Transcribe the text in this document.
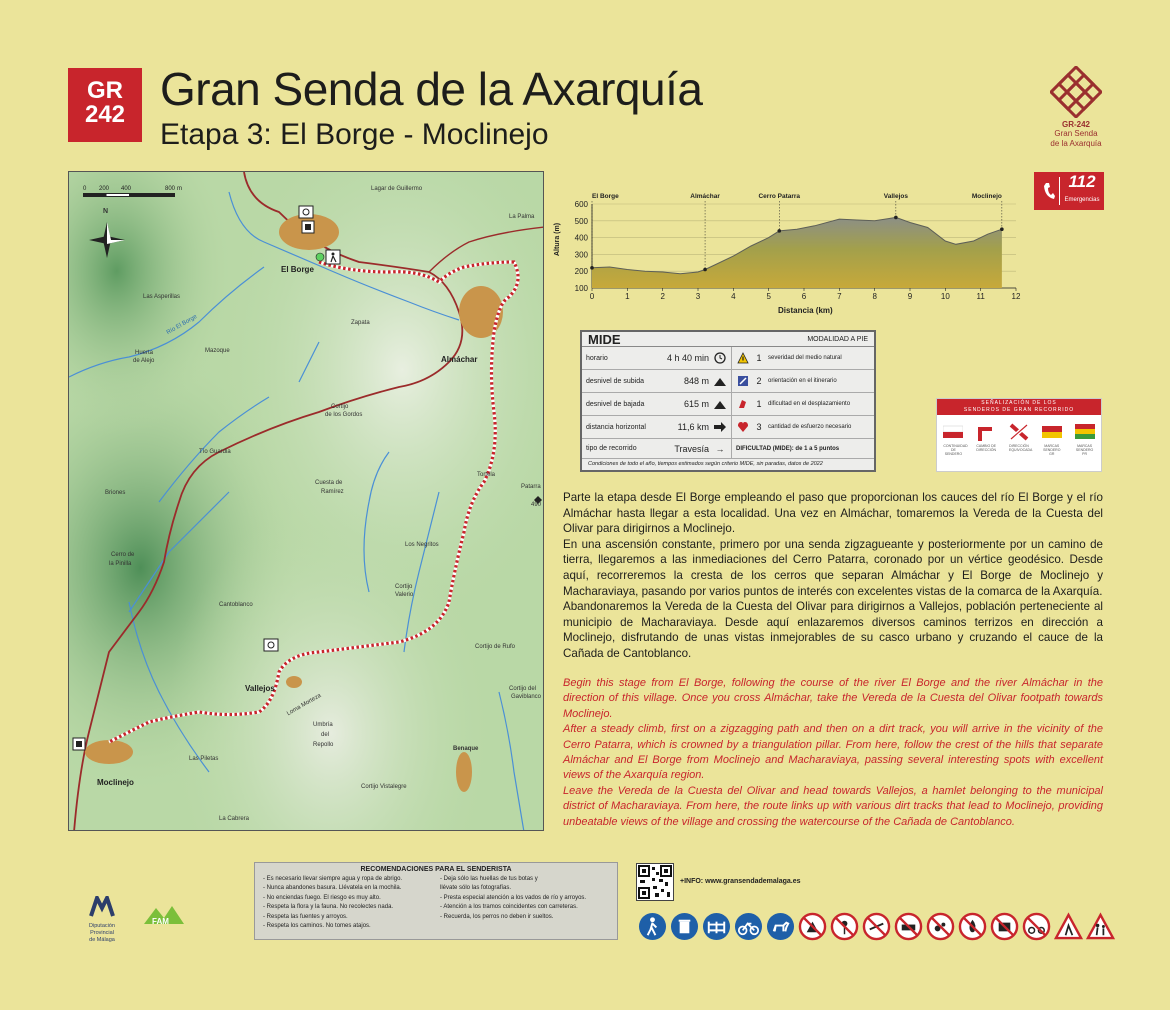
GR
242 Gran Senda de la Axarquía
Etapa 3: El Borge - Moclinejo	GR-242
Gran Senda
de la Axarquía
112
Emergencias
0	200	400	800 m
N
Lagar de Guillermo
La Palma
El Borge
Las Asperillas
Almáchar
Zapata
Río El Borge
Huerta
de Alejo
Mazoque
Cortijo
de los Gordos
Tío Guardia
Briones
Cuesta de
Ramírez
Tortela
Patarra
490
Cerro de
la Pinilla
Los Negritos
Cantoblanco
Cortijo
Valerio
Cortijo de Rufo
Vallejos
Loma Morteza
Cortijo del
Gaviblanco
Umbría
del
Repollo
Benaque
Moclinejo
Las Piletas
Cortijo Vistalegre
La Cabrera
El Borge	Almáchar	Cerro Patarra	Vallejos	Moclinejo
600
500
400
300
200
100
0	1	2	3	4	5	6	7	8	9	10	11	12
Distancia (km)
Altura (m)
MIDE	MODALIDAD A PIE
horario	4 h 40 min	1	severidad del medio natural
desnivel de subida	848 m	2	orientación en el itinerario
desnivel de bajada	615 m	1	dificultad en el desplazamiento
distancia horizontal	11,6 km	3	cantidad de esfuerzo necesario
tipo de recorrido	Travesía →	DIFICULTAD (MIDE): de 1 a 5 puntos
Condiciones de todo el año, tiempos estimados según criterio MIDE, sin paradas, datos de 2022
SEÑALIZACIÓN DE LOS
SENDEROS DE GRAN RECORRIDO
CONTINUIDAD DE SENDERO
CAMBIO DE DIRECCIÓN
DIRECCIÓN EQUIVOCADA
MARCAS SENDERO GR
MARCAS SENDERO PR

Parte la etapa desde El Borge empleando el paso que proporcionan los cauces del río El Borge y el río Almáchar hasta llegar a esta localidad. Una vez en Almáchar, tomaremos la Vereda de la Cuesta del Olivar para dirigirnos a Moclinejo.

En una ascensión constante, primero por una senda zigzagueante y posteriormente por un camino de tierra, llegaremos a las inmediaciones del Cerro Patarra, coronado por un vértice geodésico. Desde aquí, recorreremos la cresta de los cerros que separan Almáchar y El Borge de Moclinejo y Macharaviaya, pasando por varios puntos de interés con excelentes vistas de la comarca de la Axarquía.

Abandonaremos la Vereda de la Cuesta del Olivar para dirigirnos a Vallejos, población perteneciente al municipio de Macharaviaya. Desde aquí enlazaremos diversos caminos terrizos en dirección a Moclinejo, disfrutando de unas vistas inmejorables de su casco urbano y cruzando el cauce de la Cañada de Cantoblanco.

Begin this stage from El Borge, following the course of the river El Borge and the river Almáchar in the direction of this village. Once you cross Almáchar, take the Vereda de la Cuesta del Olivar footpath towards Moclinejo.

After a steady climb, first on a zigzagging path and then on a dirt track, you will arrive in the vicinity of the Cerro Patarra, which is crowned by a triangulation pillar. From here, follow the crest of the hills that separate Almáchar and El Borge from Moclinejo and Macharaviaya, passing several interesting spots with excellent views of the Axarquía region.

Leave the Vereda de la Cuesta del Olivar and head towards Vallejos, a hamlet belonging to the municipal district of Macharaviaya. From here, the route links up with various dirt tracks that lead to Moclinejo, providing unbeatable views of the village and crossing the watercourse of the Cañada de Cantoblanco.

Diputación Provincial
de Málaga
FAM
RECOMENDACIONES PARA EL SENDERISTA
- Es necesario llevar siempre agua y ropa de abrigo.
- Nunca abandones basura. Llévatela en la mochila.
- No enciendas fuego. El riesgo es muy alto.
- Respeta la flora y la fauna. No recolectes nada.
- Respeta las fuentes y arroyos.
- Respeta los caminos. No tomes atajos.
- Deja sólo las huellas de tus botas y
llévate sólo las fotografías.
- Presta especial atención a los vados de río y arroyos.
- Atención a los tramos coincidentes con carreteras.
- Recuerda, los perros no deben ir sueltos.
+INFO: www.gransendademalaga.es
